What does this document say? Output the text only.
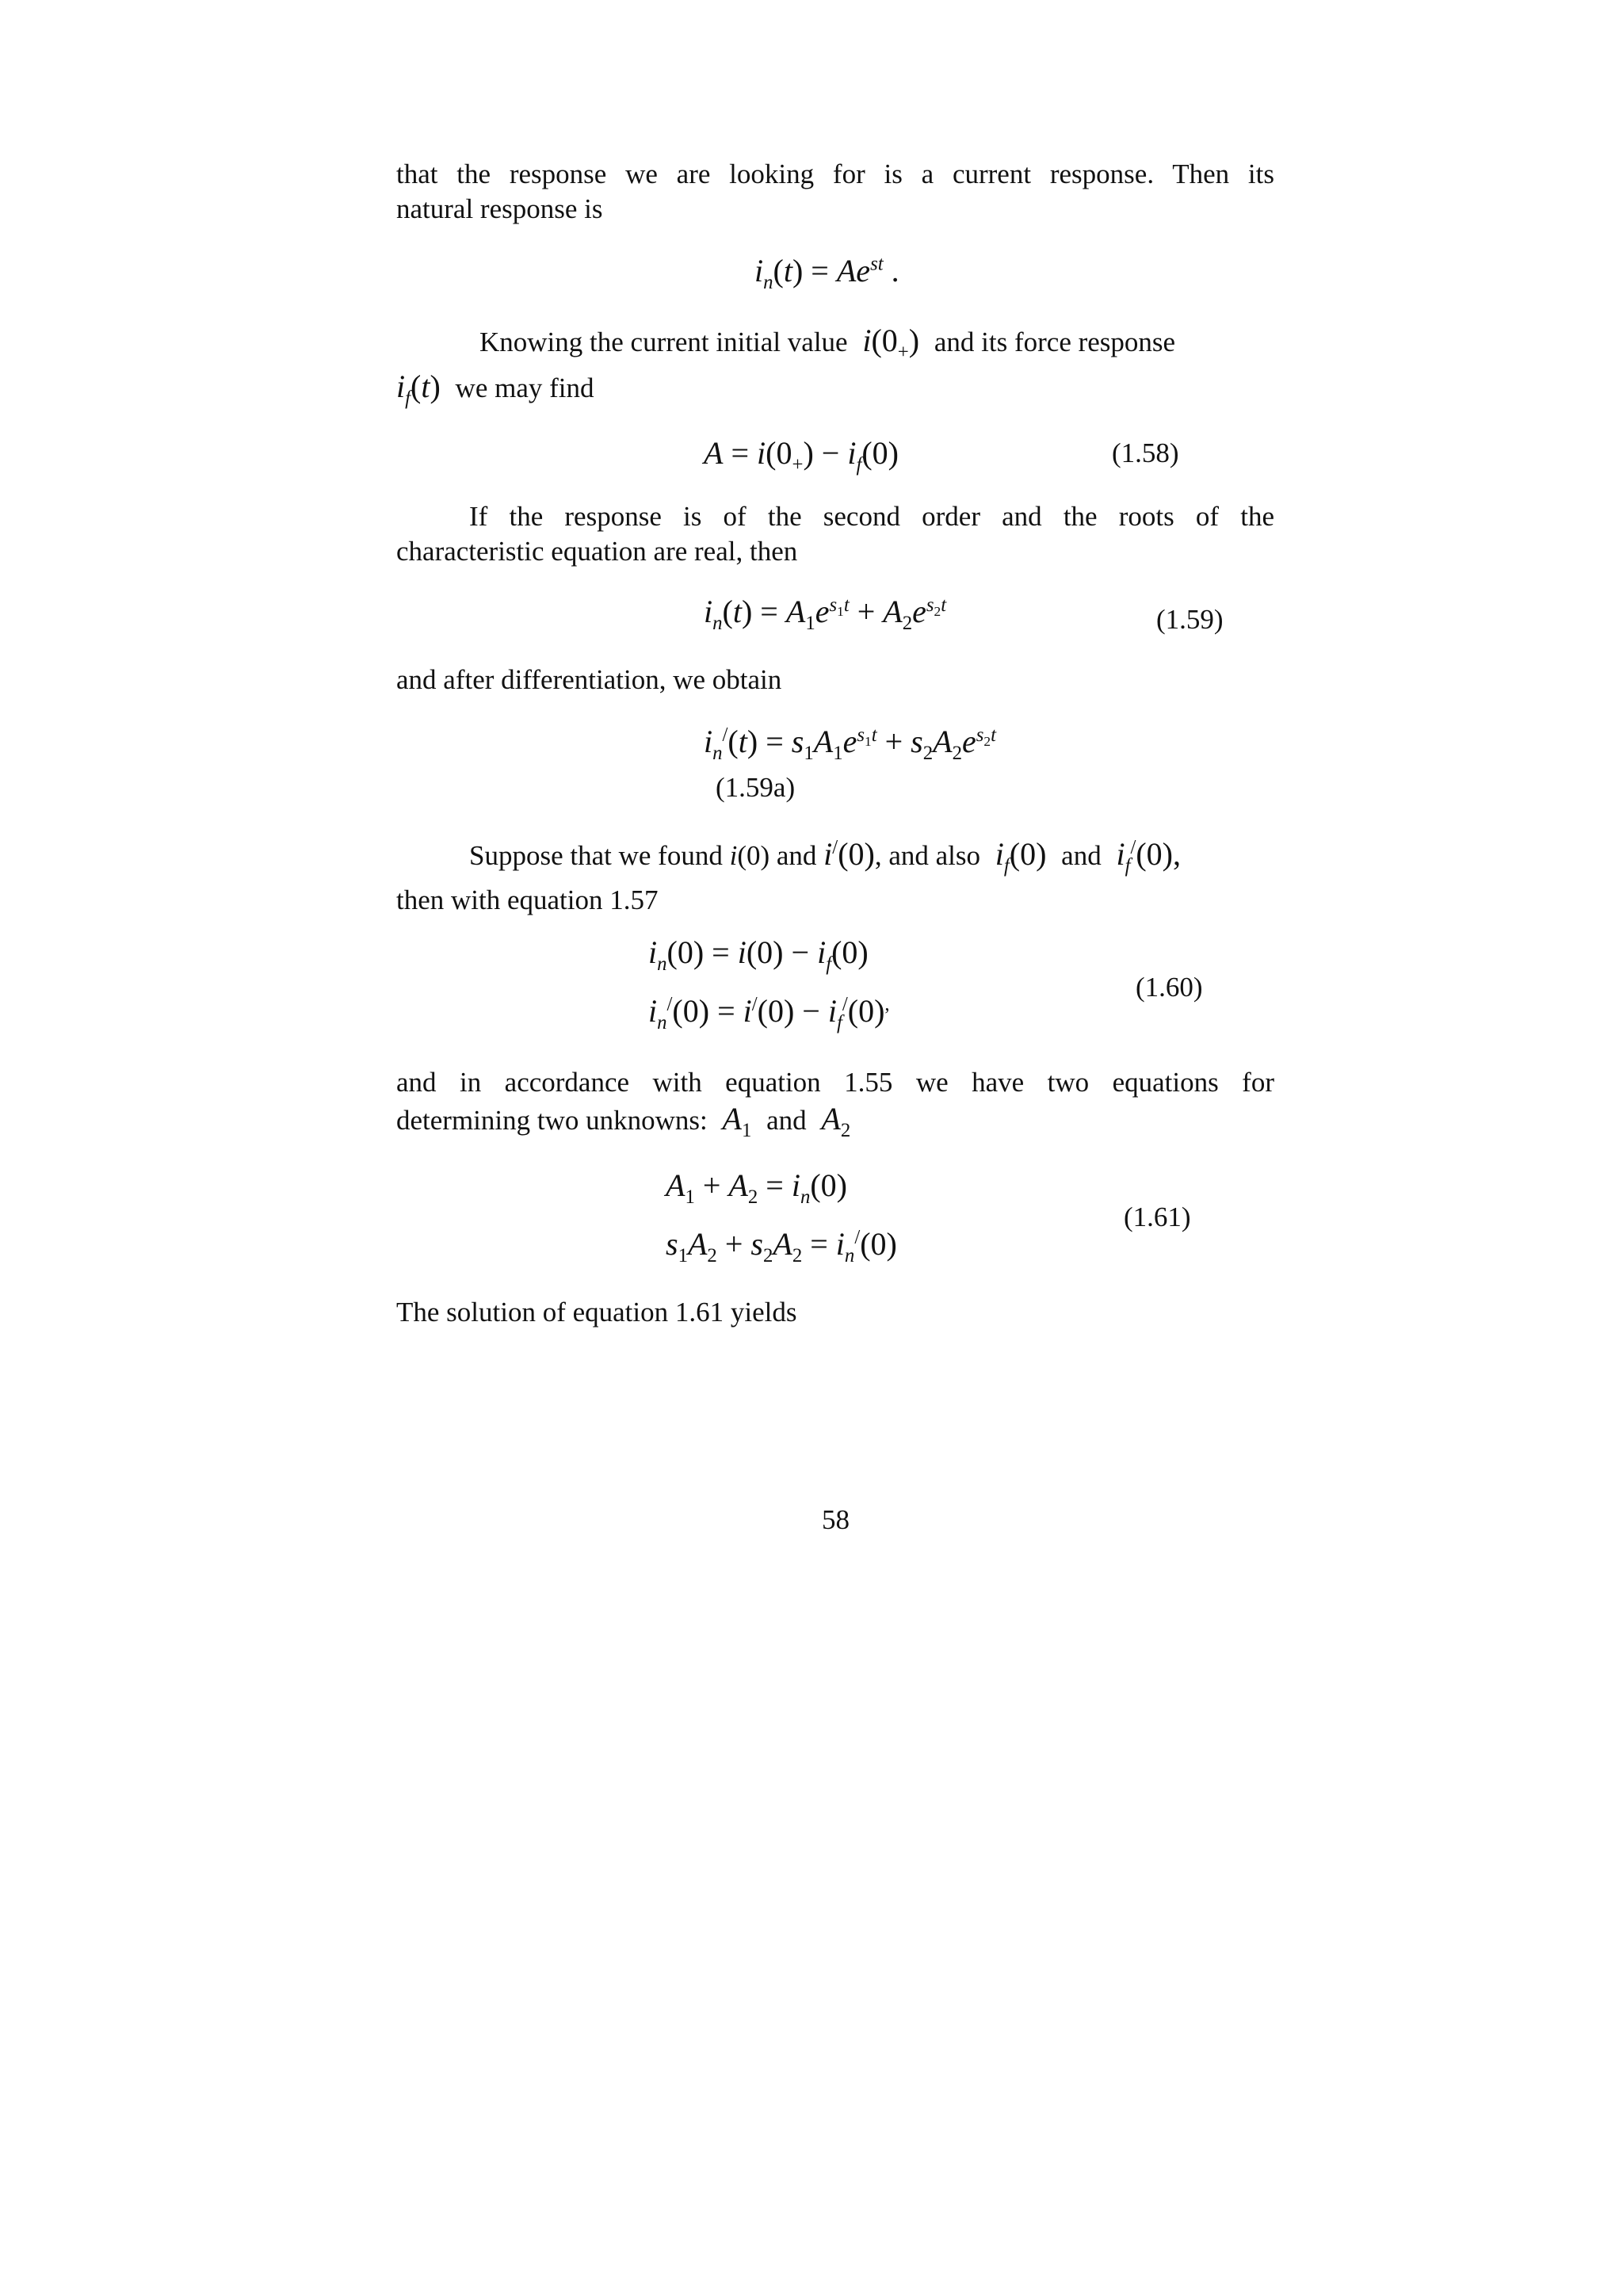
that the response we are looking for is a current response. Then its
natural response is
$i_n(t) = Ae^{st}$ .
Knowing the current initial value $i(0_+)$  and its force response
$i_f(t)$  we may find
$A = i(0_+) - i_f(0)$	(1.58)
If the response is of the second order and the roots of the
characteristic equation are real, then
$i_n(t) = A_1e^{s_1t} + A_2e^{s_2t}$	(1.59)
and after differentiation, we obtain
$i_n^/(t) = s_1A_1e^{s_1t} + s_2A_2e^{s_2t}$
(1.59a)
Suppose that we found i(0) and i/(0), and also $i_f(0)$  and $i_f^/(0)$,
then with equation 1.57
$i_n(0) = i(0) - i_f(0)$
$i_n^/(0) = i^/(0) - i_f^/(0)^,$
(1.60)
and in accordance with equation 1.55 we have two equations for
determining two unknowns: $A_1$ and $A_2$
$A_1 + A_2 = i_n(0)$
$s_1A_2 + s_2A_2 = i_n^/(0)$
(1.61)
The solution of equation 1.61 yields
58
